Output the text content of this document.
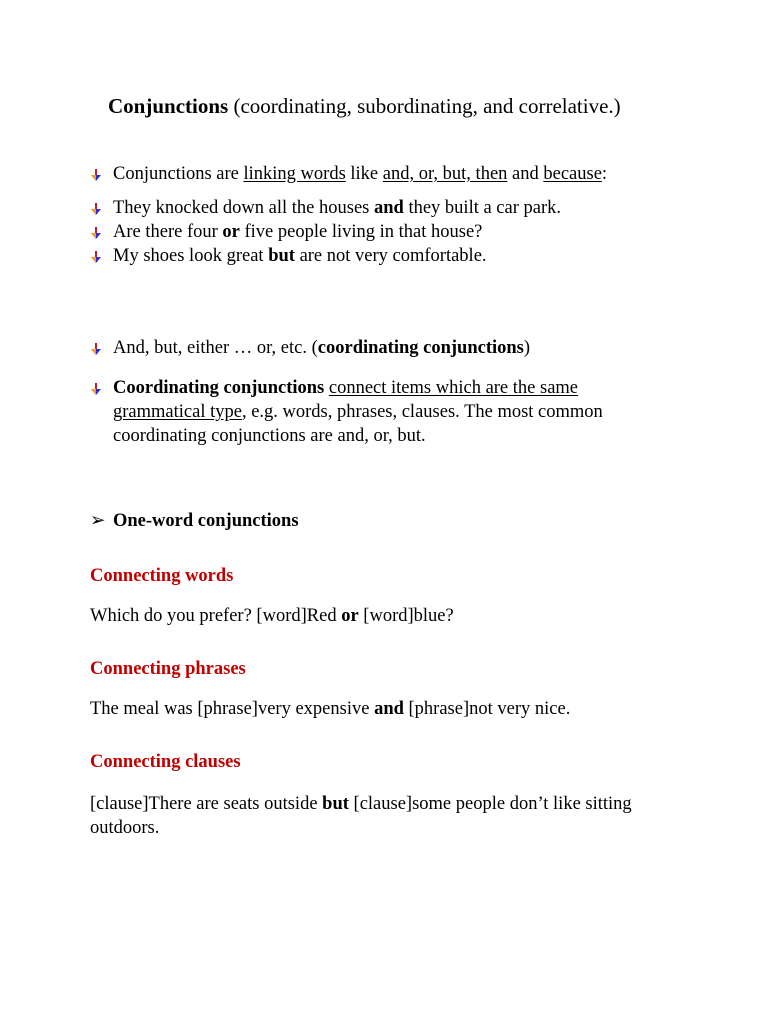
Conjunctions (coordinating, subordinating, and correlative.)
Conjunctions are linking words like and, or, but, then and because:
They knocked down all the houses and they built a car park.
Are there four or five people living in that house?
My shoes look great but are not very comfortable.
And, but, either … or, etc. (coordinating conjunctions)
Coordinating conjunctions connect items which are the same grammatical type, e.g. words, phrases, clauses. The most common coordinating conjunctions are and, or, but.
➢ One-word conjunctions
Connecting words
Which do you prefer? [word]Red or [word]blue?
Connecting phrases
The meal was [phrase]very expensive and [phrase]not very nice.
Connecting clauses
[clause]There are seats outside but [clause]some people don’t like sitting outdoors.
